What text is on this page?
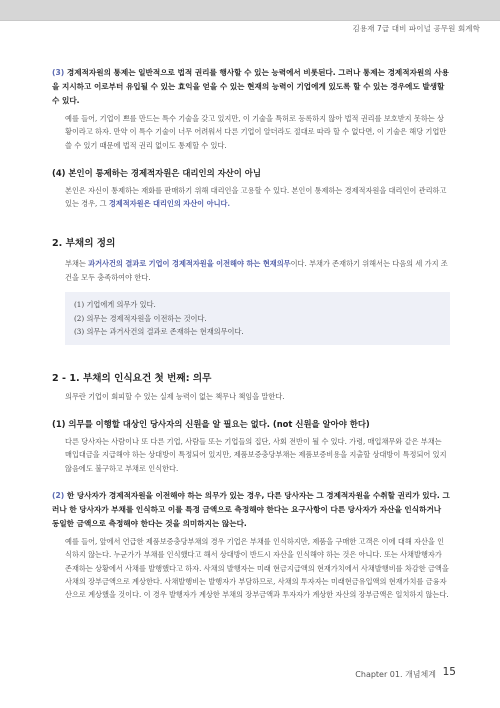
김용재 7급 대비 파이널 공무원 회계학
(3) 경제적자원의 통제는 일반적으로 법적 권리를 행사할 수 있는 능력에서 비롯된다. 그러나 통제는 경제적자원의 사용을 지시하고 이로부터 유입될 수 있는 효익을 얻을 수 있는 현재의 능력이 기업에게 있도록 할 수 있는 경우에도 발생할 수 있다.

예를 들어, 기업이 쁘를 만드는 특수 기술을 갖고 있지만, 이 기술을 특허로 등록하지 않아 법적 권리를 보호받지 못하는 상황이라고 하자. 만약 이 특수 기술이 너무 어려워서 다른 기업이 알더라도 절대로 따라 할 수 없다면, 이 기술은 해당 기업만 쓸 수 있기 때문에 법적 권리 없이도 통제할 수 있다.

(4) 본인이 통제하는 경제적자원은 대리인의 자산이 아님

본인은 자신이 통제하는 재화를 판매하기 위해 대리인을 고용할 수 있다. 본인이 통제하는 경제적자원을 대리인이 관리하고 있는 경우, 그 경제적자원은 대리인의 자산이 아니다.

2. 부채의 정의

부채는 과거사건의 결과로 기업이 경제적자원을 이전해야 하는 현재의무이다. 부채가 존재하기 위해서는 다음의 세 가지 조건을 모두 충족하여야 한다.

(1) 기업에게 의무가 있다.

(2) 의무는 경제적자원을 이전하는 것이다.

(3) 의무는 과거사건의 결과로 존재하는 현재의무이다.

2 - 1. 부채의 인식요건 첫 번째: 의무

의무란 기업이 회피할 수 있는 실제 능력이 없는 책무나 책임을 말한다.

(1) 의무를 이행할 대상인 당사자의 신원을 알 필요는 없다. (not 신원을 알아야 한다)

다른 당사자는 사람이나 또 다른 기업, 사람들 또는 기업들의 집단, 사회 전반이 될 수 있다. 가령, 매입채무와 같은 부채는 매입대금을 지급해야 하는 상대방이 특정되어 있지만, 제품보증충당부채는 제품보증비용을 지출할 상대방이 특정되어 있지 않음에도 불구하고 부채로 인식한다.

(2) 한 당사자가 경제적자원을 이전해야 하는 의무가 있는 경우, 다른 당사자는 그 경제적자원을 수취할 권리가 있다. 그러나 한 당사자가 부채를 인식하고 이를 특정 금액으로 측정해야 한다는 요구사항이 다른 당사자가 자산을 인식하거나 동일한 금액으로 측정해야 한다는 것을 의미하지는 않는다.

예를 들어, 앞에서 언급한 제품보증충당부채의 경우 기업은 부채를 인식하지만, 제품을 구매한 고객은 이에 대해 자산을 인식하지 않는다. 누군가가 부채를 인식했다고 해서 상대방이 반드시 자산을 인식해야 하는 것은 아니다. 또는 사채발행자가 존재하는 상황에서 사채를 발행했다고 하자. 사채의 발행자는 미래 현금지급액의 현재가치에서 사채발행비를 차감한 금액을 사채의 장부금액으로 계상한다. 사채발행비는 발행자가 부담하므로, 사채의 투자자는 미래현금유입액의 현재가치를 금융자산으로 계상했을 것이다. 이 경우 발행자가 계상한 부채의 장부금액과 투자자가 계상한 자산의 장부금액은 일치하지 않는다.

Chapter 01. 개념체계 15
